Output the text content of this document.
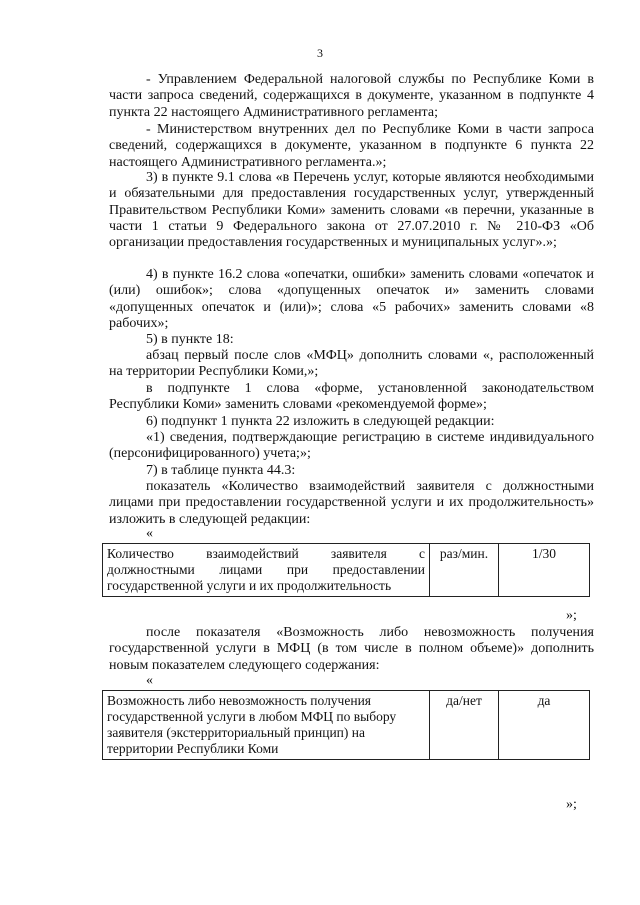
3

- Управлением Федеральной налоговой службы по Республике Коми в части запроса сведений, содержащихся в документе, указанном в подпункте 4 пункта 22 настоящего Административного регламента;

- Министерством внутренних дел по Республике Коми в части запроса сведений, содержащихся в документе, указанном в подпункте 6 пункта 22 настоящего Административного регламента.»;

3) в пункте 9.1 слова «в Перечень услуг, которые являются необходимыми и обязательными для предоставления государственных услуг, утвержденный Правительством Республики Коми» заменить словами «в перечни, указанные в части 1 статьи 9 Федерального закона от 27.07.2010 г. № 210-ФЗ «Об организации предоставления государственных и муниципальных услуг».»;

4) в пункте 16.2 слова «опечатки, ошибки» заменить словами «опечаток и (или) ошибок»; слова «допущенных опечаток и» заменить словами «допущенных опечаток и (или)»; слова «5 рабочих» заменить словами «8 рабочих»;

5) в пункте 18:

абзац первый после слов «МФЦ» дополнить словами «, расположенный на территории Республики Коми,»;

в подпункте 1 слова «форме, установленной законодательством Республики Коми» заменить словами «рекомендуемой форме»;

6) подпункт 1 пункта 22 изложить в следующей редакции:

«1) сведения, подтверждающие регистрацию в системе индивидуального (персонифицированного) учета;»;

7) в таблице пункта 44.3:

показатель «Количество взаимодействий заявителя с должностными лицами при предоставлении государственной услуги и их продолжительность» изложить в следующей редакции:

«
Количество взаимодействий заявителя с должностными лицами при предоставлении государственной услуги и их продолжительность	раз/мин.	1/30
»;

после показателя «Возможность либо невозможность получения государственной услуги в МФЦ (в том числе в полном объеме)» дополнить новым показателем следующего содержания:

«
Возможность либо невозможность получения государственной услуги в любом МФЦ по выбору заявителя (экстерриториальный принцип) на территории Республики Коми	да/нет	да
»;
